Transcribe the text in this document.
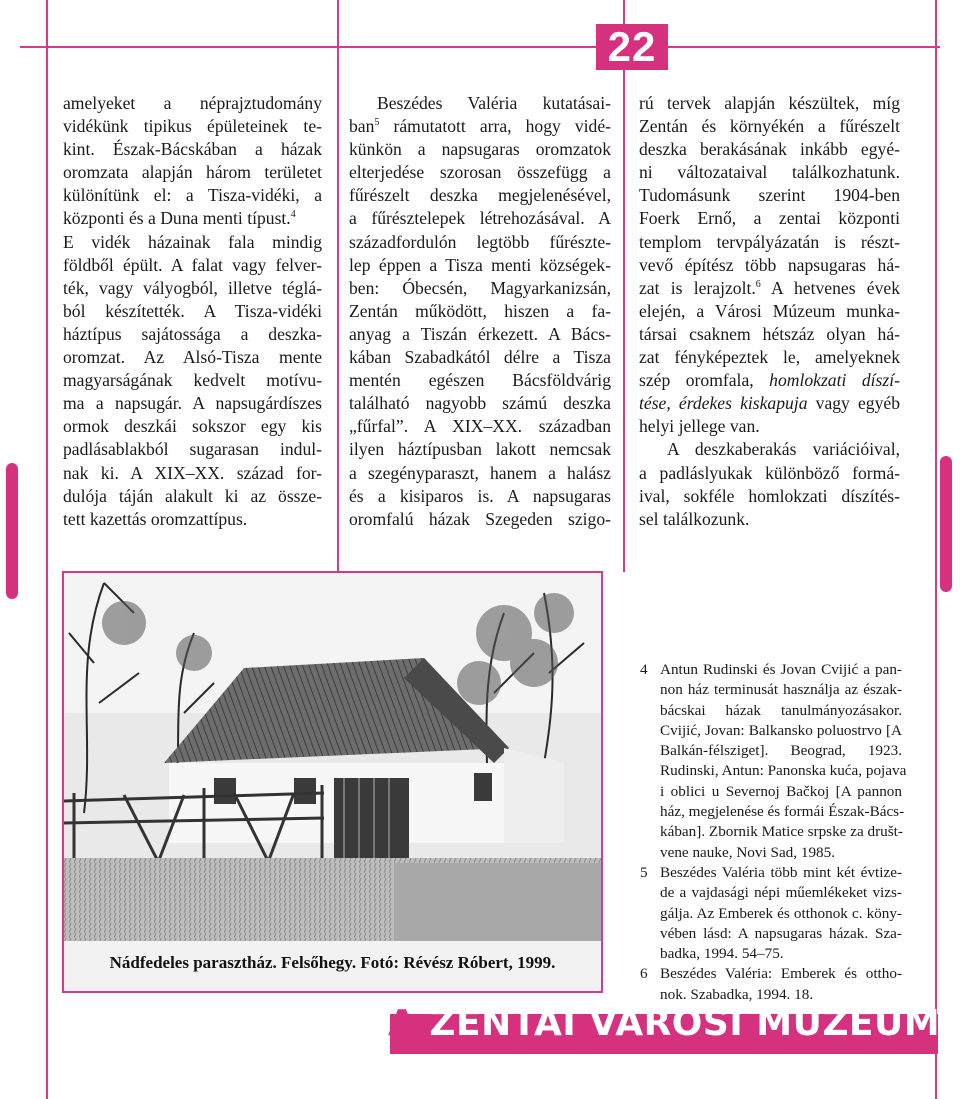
22
amelyeket a néprajztudomány
vidékünk tipikus épületeinek te-
kint. Észak-Bácskában a házak
oromzata alapján három területet
különítünk el: a Tisza-vidéki, a
központi és a Duna menti típust.$^4$
E vidék házainak fala mindig
földből épült. A falat vagy felver-
ték, vagy vályogból, illetve téglá-
ból készítették. A Tisza-vidéki
háztípus sajátossága a deszka-
oromzat. Az Alsó-Tisza mente
magyarságának kedvelt motívu-
ma a napsugár. A napsugárdíszes
ormok deszkái sokszor egy kis
padlásablakból sugarasan indul-
nak ki. A XIX–XX. század for-
dulója táján alakult ki az össze-
tett kazettás oromzattípus.
Beszédes Valéria kutatásai-
ban$^5$ rámutatott arra, hogy vidé-
künkön a napsugaras oromzatok
elterjedése szorosan összefügg a
fűrészelt deszka megjelenésével,
a fűrésztelepek létrehozásával. A
századfordulón legtöbb fűrészte-
lep éppen a Tisza menti községek-
ben: Óbecsén, Magyarkanizsán,
Zentán működött, hiszen a fa-
anyag a Tiszán érkezett. A Bács-
kában Szabadkától délre a Tisza
mentén egészen Bácsföldvárig
található nagyobb számú deszka
„fűrfal”. A XIX–XX. században
ilyen háztípusban lakott nemcsak
a szegényparaszt, hanem a halász
és a kisiparos is. A napsugaras
oromfalú házak Szegeden szigo-
rú tervek alapján készültek, míg
Zentán és környékén a fűrészelt
deszka berakásának inkább egyé-
ni változataival találkozhatunk.
Tudomásunk szerint 1904-ben
Foerk Ernő, a zentai központi
templom tervpályázatán is részt-
vevő építész több napsugaras há-
zat is lerajzolt.$^6$ A hetvenes évek
elején, a Városi Múzeum munka-
társai csaknem hétszáz olyan há-
zat fényképeztek le, amelyeknek
szép oromfala, homlokzati díszí-
tése, érdekes kiskapuja vagy egyéb
helyi jellege van.
A deszkaberakás variációival,
a padláslyukak különböző formá-
ival, sokféle homlokzati díszítés-
sel találkozunk.
Nádfedeles parasztház. Felsőhegy. Fotó: Révész Róbert, 1999.
4 Antun Rudinski és Jovan Cvijić a pan-
non ház terminusát használja az észak-
bácskai házak tanulmányozásakor.
Cvijić, Jovan: Balkansko poluostrvo [A
Balkán-félsziget]. Beograd, 1923.
Rudinski, Antun: Panonska kuća, pojava
i oblici u Severnoj Bačkoj [A pannon
ház, megjelenése és formái Észak-Bács-
kában]. Zbornik Matice srpske za društ-
vene nauke, Novi Sad, 1985.
5 Beszédes Valéria több mint két évtize-
de a vajdasági népi műemlékeket vizs-
gálja. Az Emberek és otthonok c. köny-
vében lásd: A napsugaras házak. Sza-
badka, 1994. 54–75.
6 Beszédes Valéria: Emberek és ottho-
nok. Szabadka, 1994. 18.
A ZENTAI VÁROSI MÚZEUM
